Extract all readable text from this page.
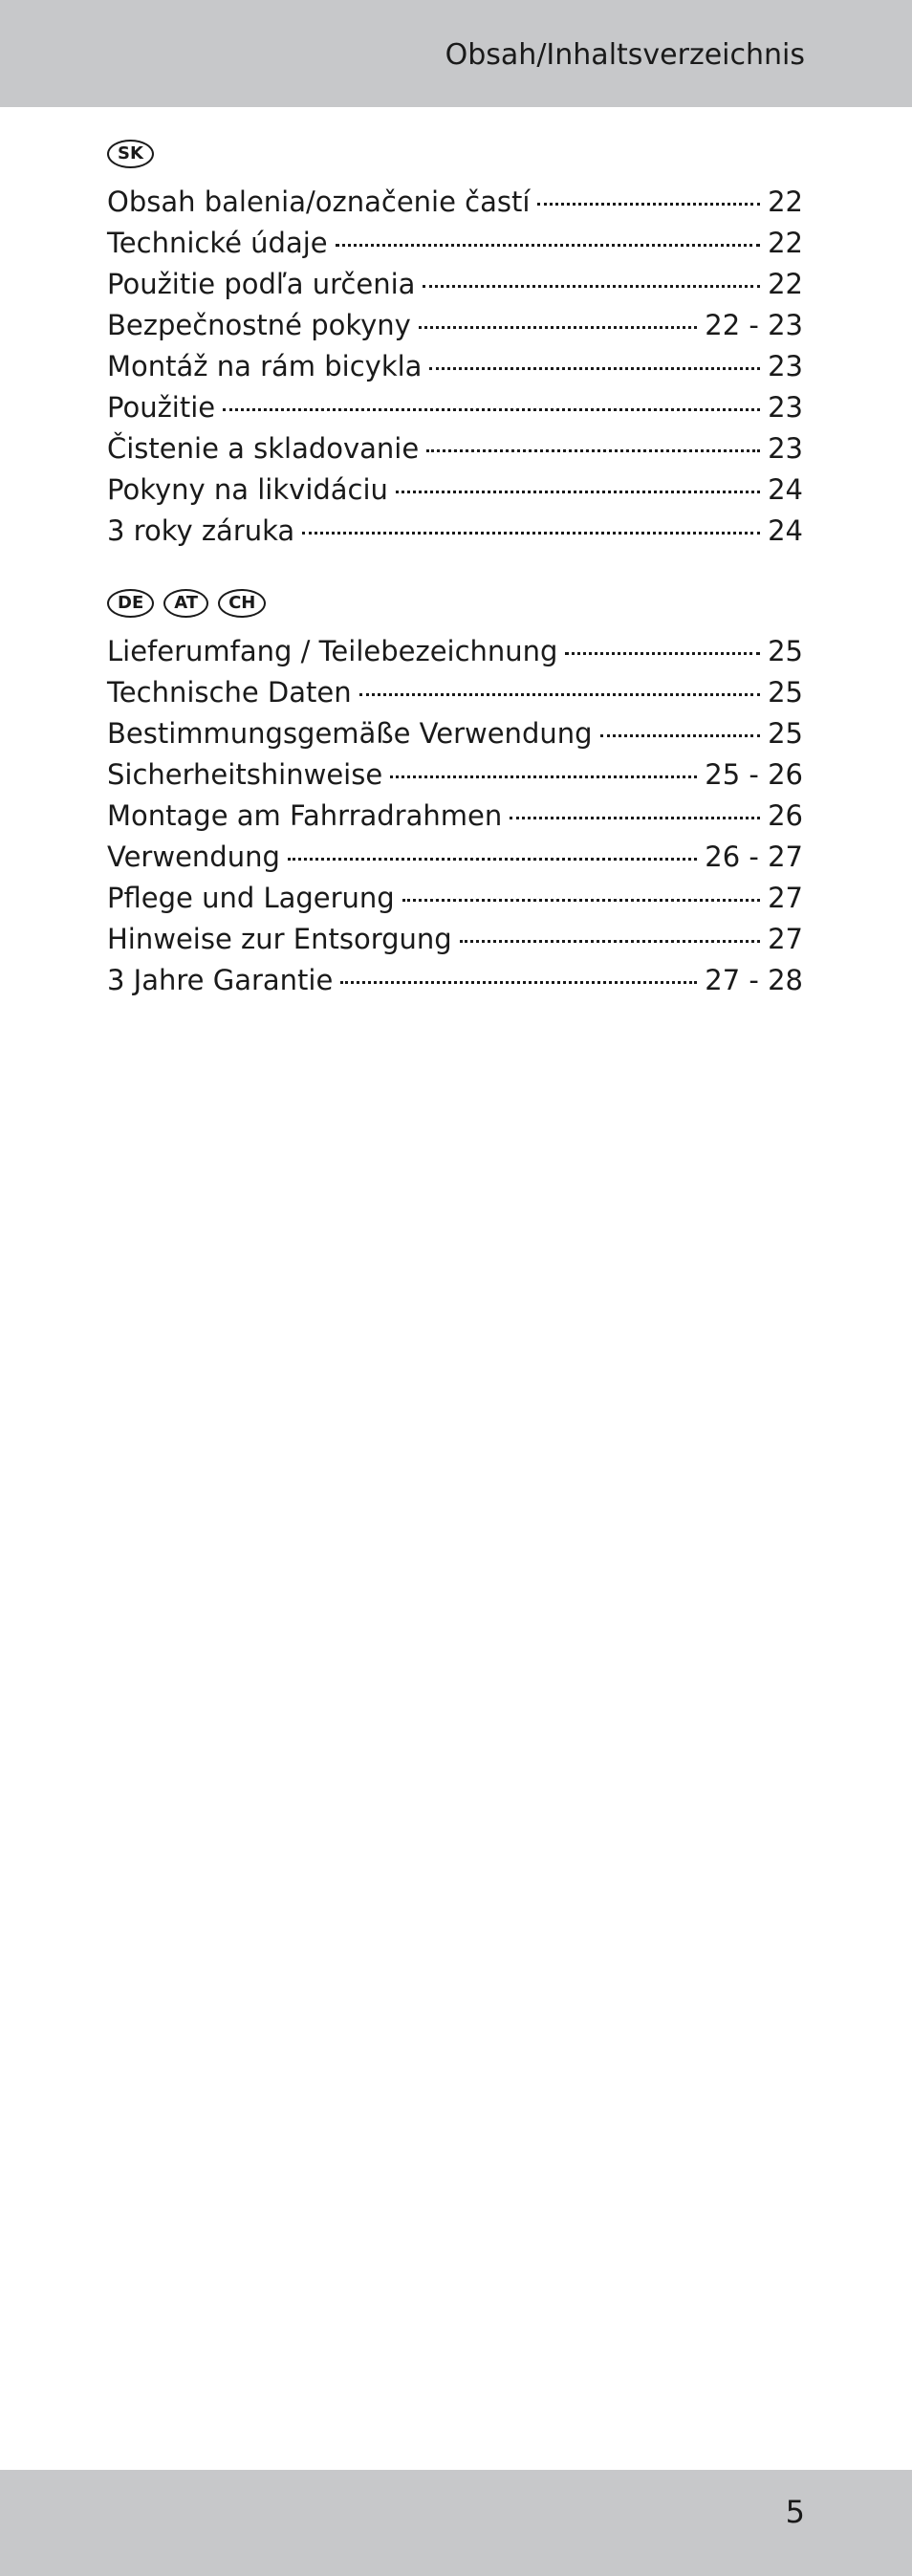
Obsah/Inhaltsverzeichnis
SK
Obsah balenia/označenie častí	22
Technické údaje	22
Použitie podľa určenia	22
Bezpečnostné pokyny	22 - 23
Montáž na rám bicykla	23
Použitie	23
Čistenie a skladovanie	23
Pokyny na likvidáciu	24
3 roky záruka	24
DE	AT	CH
Lieferumfang / Teilebezeichnung	25
Technische Daten	25
Bestimmungsgemäße Verwendung	25
Sicherheitshinweise	25 - 26
Montage am Fahrradrahmen	26
Verwendung	26 - 27
Pflege und Lagerung	27
Hinweise zur Entsorgung	27
3 Jahre Garantie	27 - 28
5
